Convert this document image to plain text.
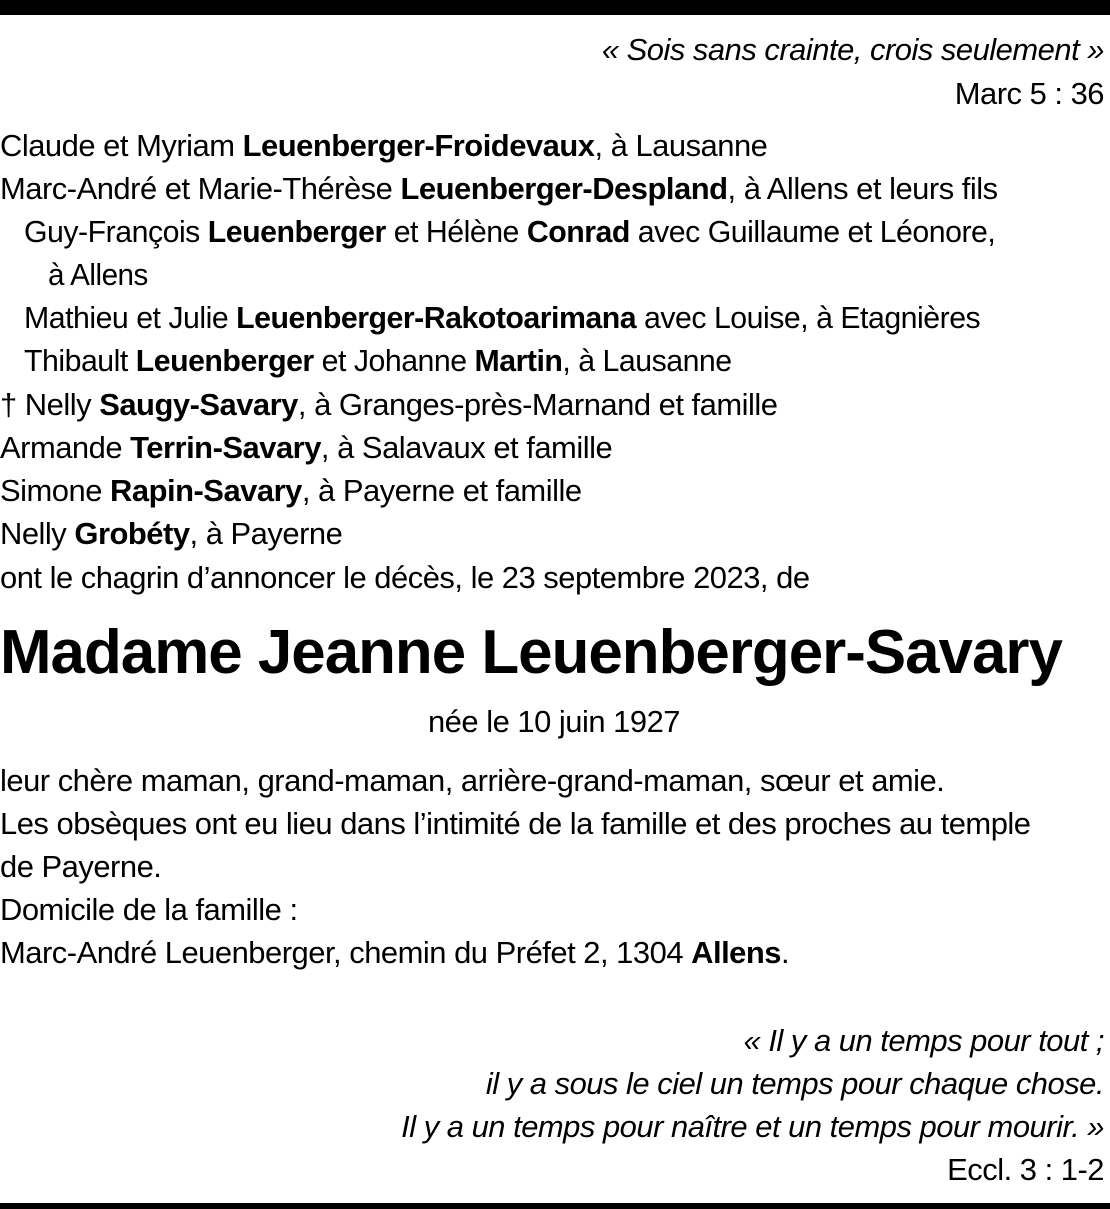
« Sois sans crainte, crois seulement »
Marc 5 : 36
Claude et Myriam Leuenberger-Froidevaux, à Lausanne
Marc-André et Marie-Thérèse Leuenberger-Despland, à Allens et leurs fils
Guy-François Leuenberger et Hélène Conrad avec Guillaume et Léonore,
à Allens
Mathieu et Julie Leuenberger-Rakotoarimana avec Louise, à Etagnières
Thibault Leuenberger et Johanne Martin, à Lausanne
† Nelly Saugy-Savary, à Granges-près-Marnand et famille
Armande Terrin-Savary, à Salavaux et famille
Simone Rapin-Savary, à Payerne et famille
Nelly Grobéty, à Payerne
ont le chagrin d’annoncer le décès, le 23 septembre 2023, de
Madame Jeanne Leuenberger-Savary
née le 10 juin 1927
leur chère maman, grand-maman, arrière-grand-maman, sœur et amie.
Les obsèques ont eu lieu dans l’intimité de la famille et des proches au temple
de Payerne.
Domicile de la famille :
Marc-André Leuenberger, chemin du Préfet 2, 1304 Allens.
« Il y a un temps pour tout ;
il y a sous le ciel un temps pour chaque chose.
Il y a un temps pour naître et un temps pour mourir. »
Eccl. 3 : 1-2
